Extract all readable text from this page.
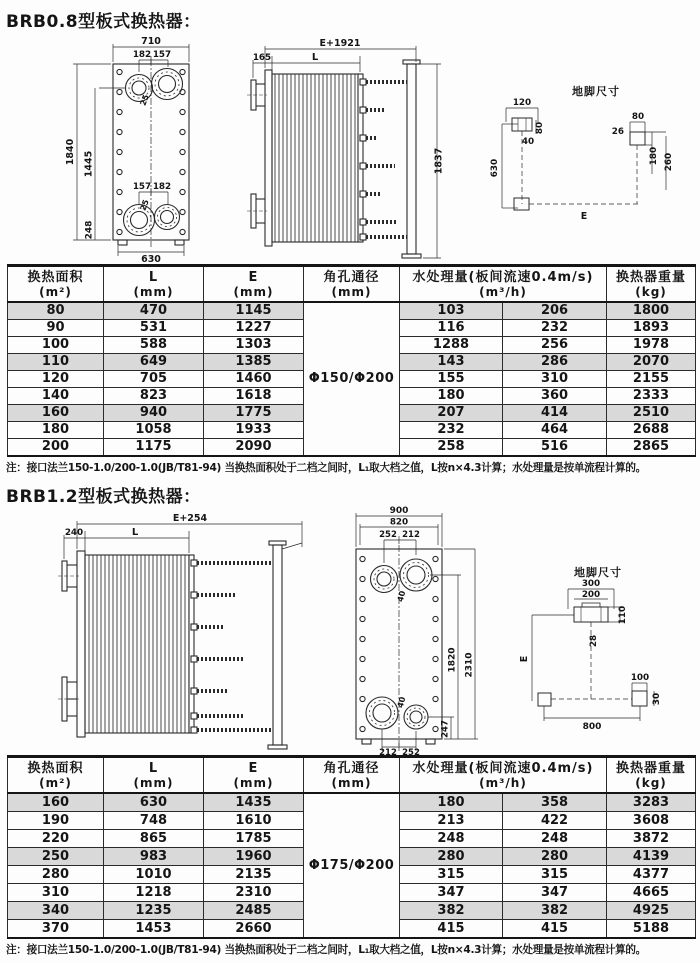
BRB0.8型板式换热器：
710
182 157
1840 1445
25
157 182
25
248
630
E+1921
165	L
1837
地脚尺寸
120
80
40
630
E
26
80
180 260
换热面积
(m²)

L
(mm)

E
(mm)

角孔通径
(mm)

水处理量(板间流速0.4m/s)
(m³/h)

换热器重量
(kg)

80	470	1145	Φ150/Φ200	103	206	1800
90	531	1227		116	232	1893
100	588	1303		1288	256	1978
110	649	1385		143	286	2070
120	705	1460		155	310	2155
140	823	1618		180	360	2333
160	940	1775		207	414	2510
180	1058	1933		232	464	2688
200	1175	2090		258	516	2865
注：接口法兰150-1.0/200-1.0(JB/T81-94) 当换热面积处于二档之间时，L₁取大档之值，L按n×4.3计算；水处理量是按单流程计算的。
BRB1.2型板式换热器：
E+254
240	L
900
820
252 212
40
1820 2310
247
40
212 252
地脚尺寸
300
200
110
28
E
100
30
800
换热面积
(m²)

L
(mm)

E
(mm)

角孔通径
(mm)

水处理量(板间流速0.4m/s)
(m³/h)

换热器重量
(kg)

160	630	1435	Φ175/Φ200	180	358	3283
190	748	1610		213	422	3608
220	865	1785		248	248	3872
250	983	1960		280	280	4139
280	1010	2135		315	315	4377
310	1218	2310		347	347	4665
340	1235	2485		382	382	4925
370	1453	2660		415	415	5188
注：接口法兰150-1.0/200-1.0(JB/T81-94) 当换热面积处于二档之间时，L₁取大档之值，L按n×4.3计算；水处理量是按单流程计算的。
